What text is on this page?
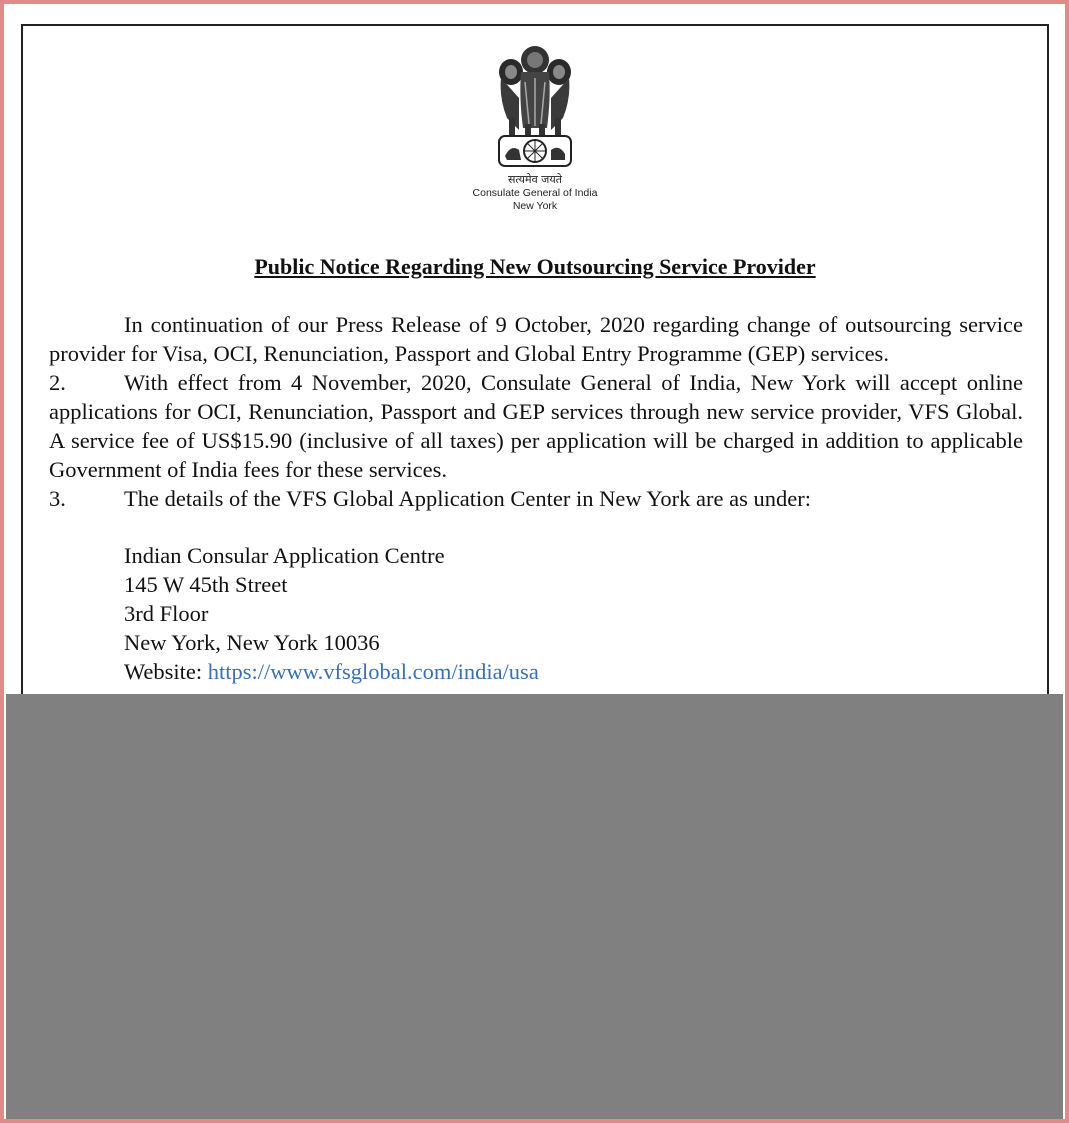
सत्यमेव जयते
Consulate General of India
New York
Public Notice Regarding New Outsourcing Service Provider

In continuation of our Press Release of 9 October, 2020 regarding change of outsourcing service provider for Visa, OCI, Renunciation, Passport and Global Entry Programme (GEP) services.

2.	With effect from 4 November, 2020, Consulate General of India, New York will accept online applications for OCI, Renunciation, Passport and GEP services through new service provider, VFS Global. A service fee of US$15.90 (inclusive of all taxes) per application will be charged in addition to applicable Government of India fees for these services.

3.	The details of the VFS Global Application Center in New York are as under:

Indian Consular Application Centre
145 W 45th Street
3rd Floor
New York, New York 10036
Website: https://www.vfsglobal.com/india/usa
